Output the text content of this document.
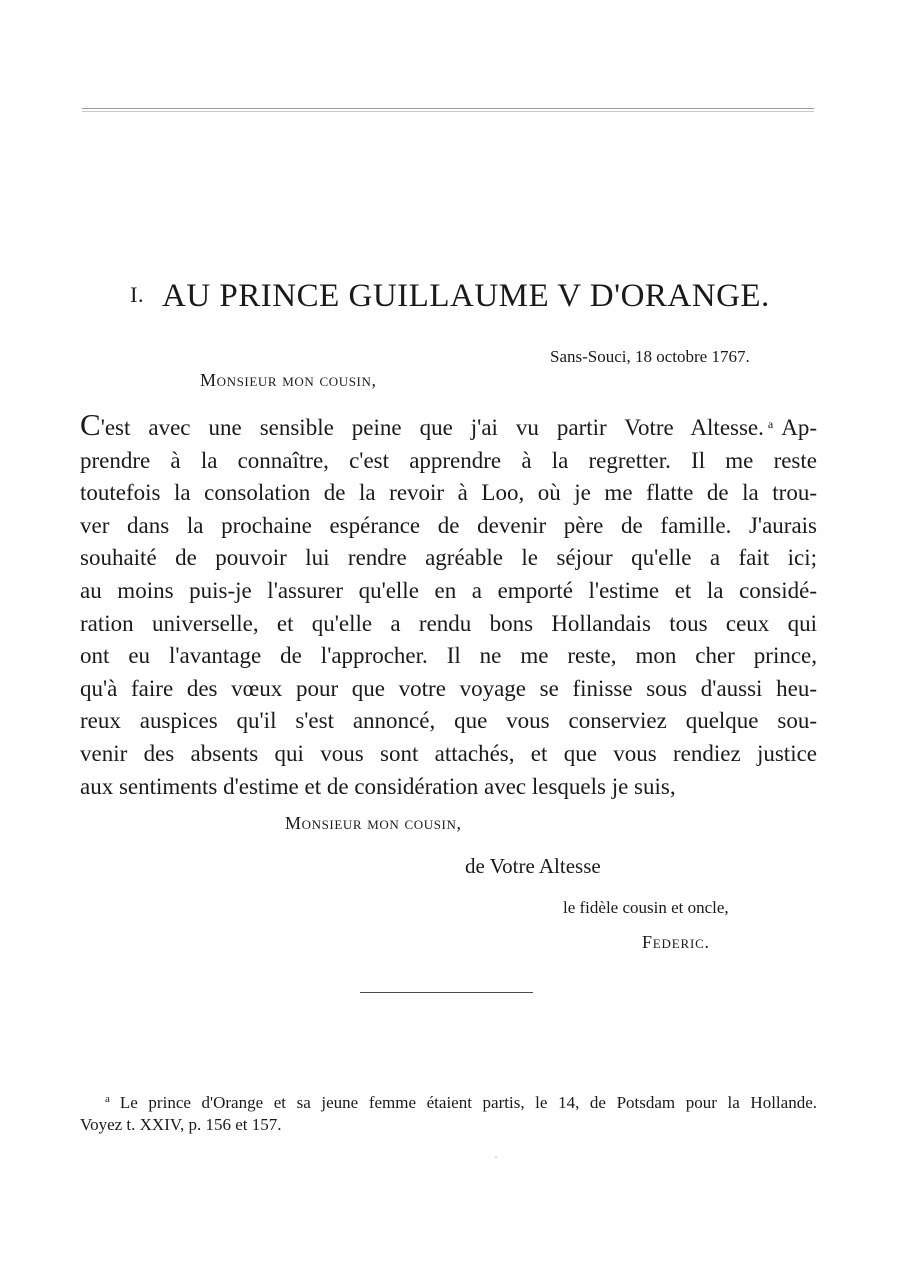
I. AU PRINCE GUILLAUME V D'ORANGE.
Sans-Souci, 18 octobre 1767.
Monsieur mon cousin,
C'est avec une sensible peine que j'ai vu partir Votre Altesse. $^a$ Ap-
prendre à la connaître, c'est apprendre à la regretter. Il me reste
toutefois la consolation de la revoir à Loo, où je me flatte de la trou-
ver dans la prochaine espérance de devenir père de famille. J'aurais
souhaité de pouvoir lui rendre agréable le séjour qu'elle a fait ici;
au moins puis-je l'assurer qu'elle en a emporté l'estime et la considé-
ration universelle, et qu'elle a rendu bons Hollandais tous ceux qui
ont eu l'avantage de l'approcher. Il ne me reste, mon cher prince,
qu'à faire des vœux pour que votre voyage se finisse sous d'aussi heu-
reux auspices qu'il s'est annoncé, que vous conserviez quelque sou-
venir des absents qui vous sont attachés, et que vous rendiez justice
aux sentiments d'estime et de considération avec lesquels je suis,
Monsieur mon cousin,
de Votre Altesse
le fidèle cousin et oncle,
Federic.
$^a$ Le prince d'Orange et sa jeune femme étaient partis, le 14, de Potsdam pour la Hollande.
Voyez t. XXIV, p. 156 et 157.
